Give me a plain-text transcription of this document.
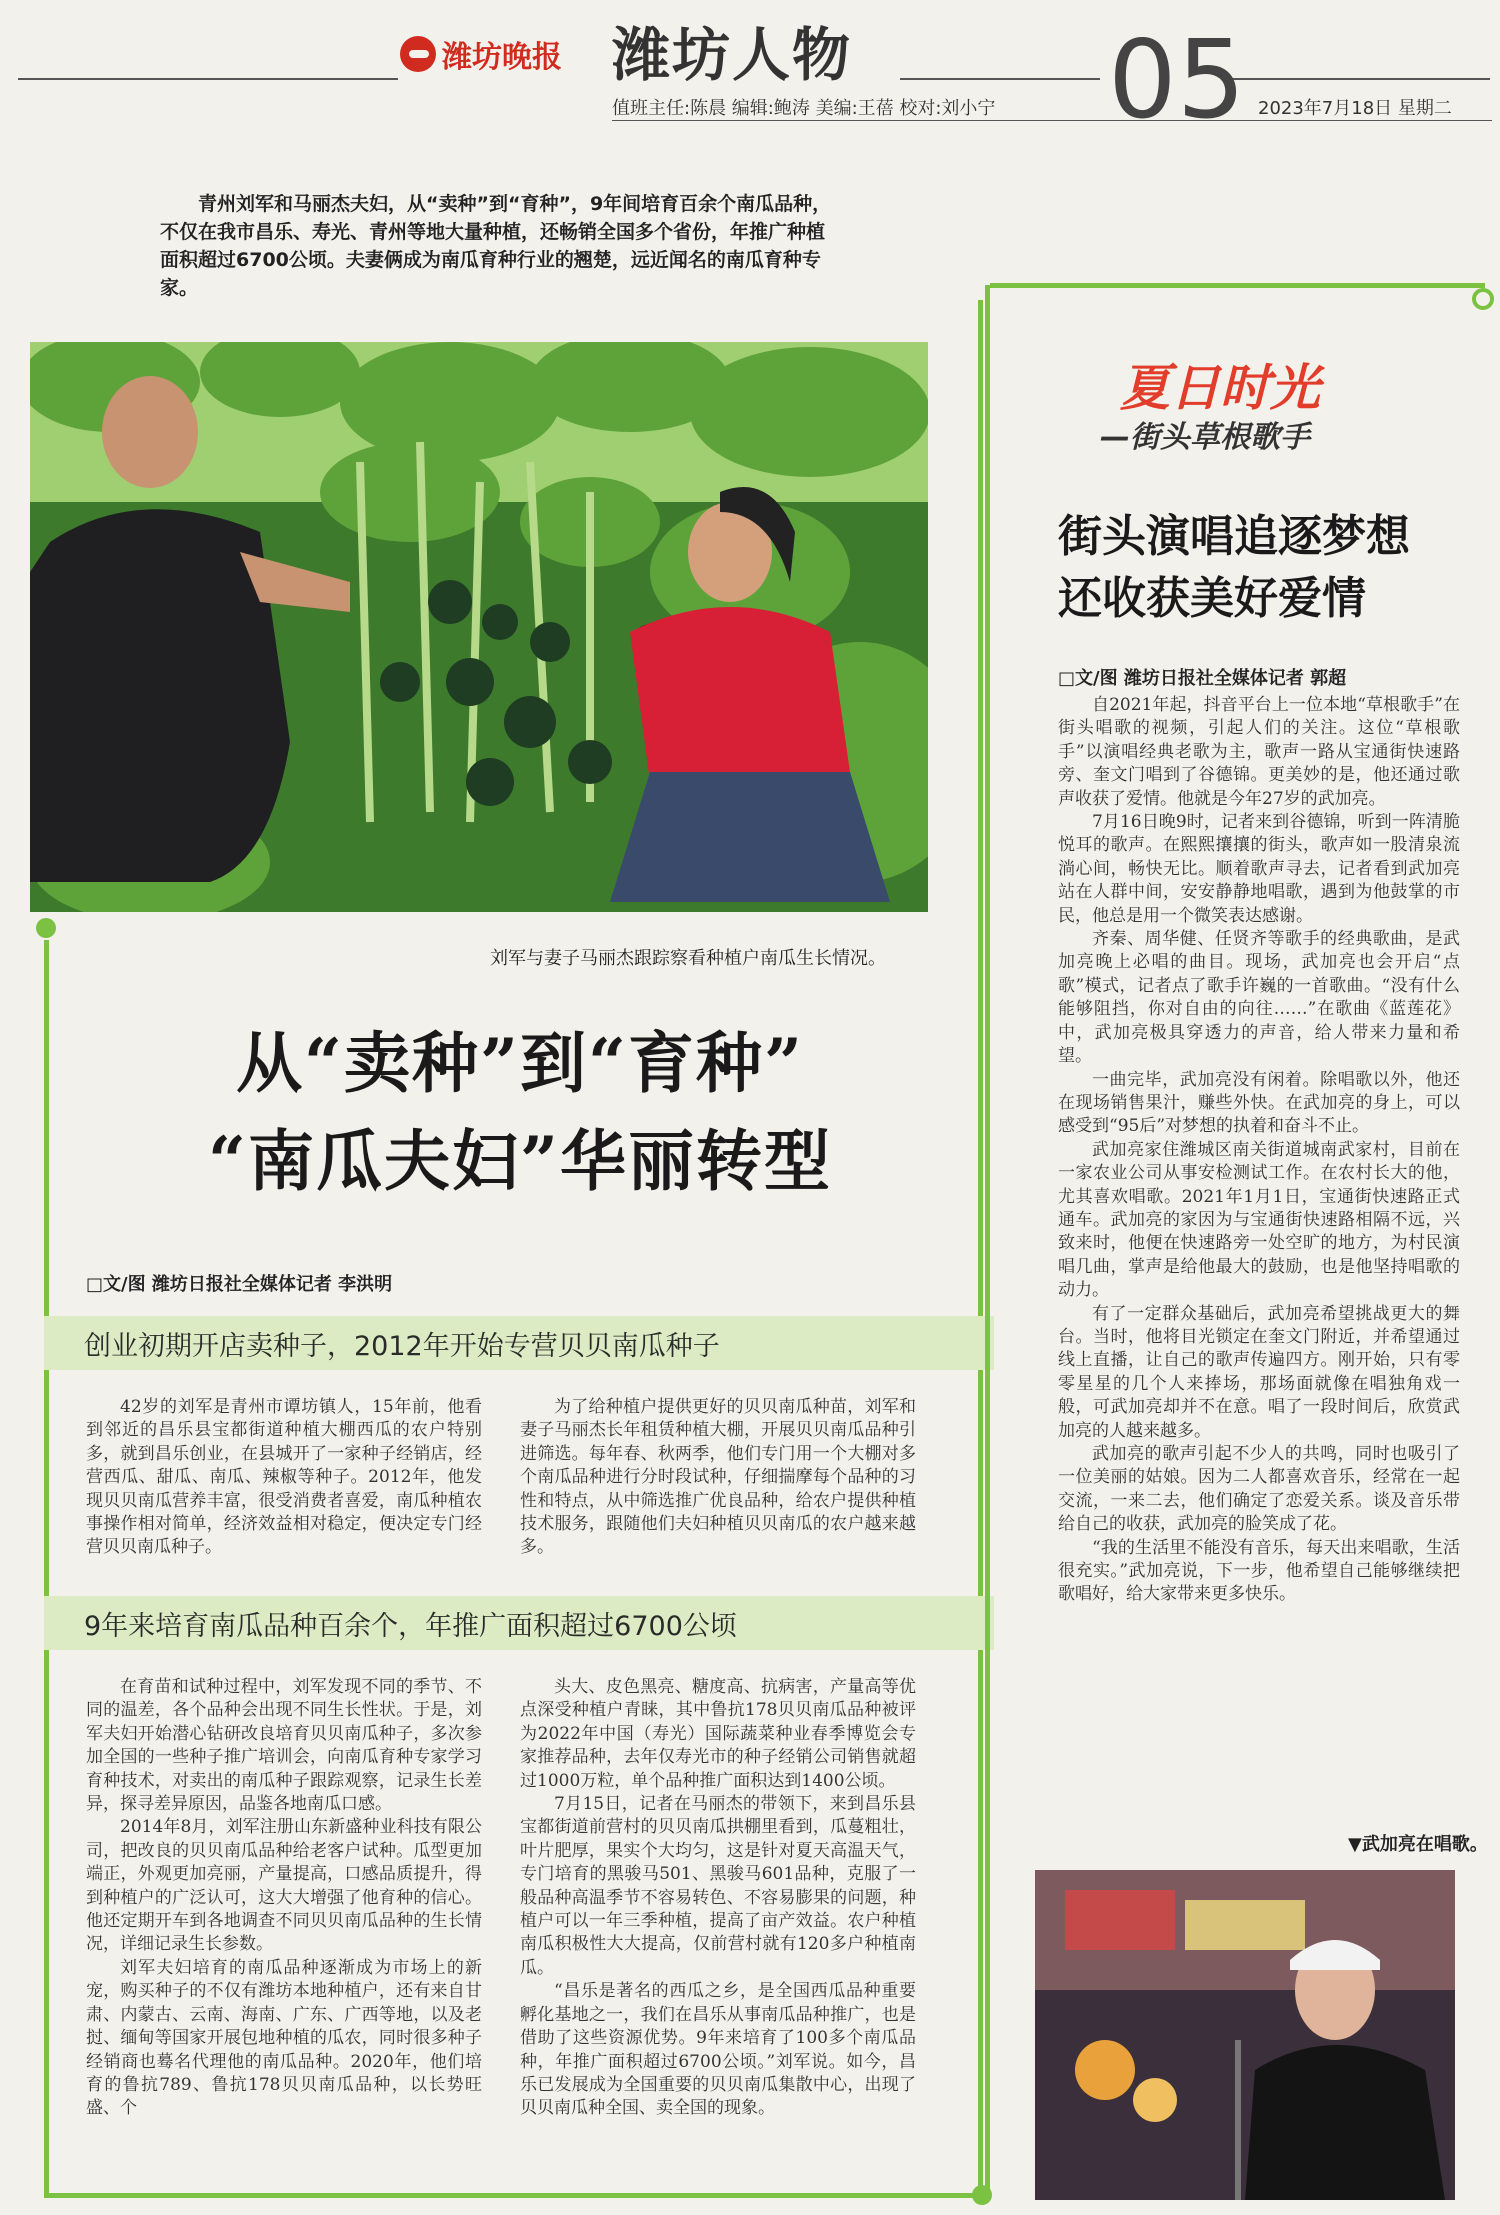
潍坊晚报 潍坊人物 05
值班主任:陈晨 编辑:鲍涛 美编:王蓓 校对:刘小宁	2023年7月18日 星期二
青州刘军和马丽杰夫妇，从“卖种”到“育种”，9年间培育百余个南瓜品种，不仅在我市昌乐、寿光、青州等地大量种植，还畅销全国多个省份，年推广种植面积超过6700公顷。夫妻俩成为南瓜育种行业的翘楚，远近闻名的南瓜育种专家。
刘军与妻子马丽杰跟踪察看种植户南瓜生长情况。
从“卖种”到“育种”
“南瓜夫妇”华丽转型
□文/图 潍坊日报社全媒体记者 李洪明
创业初期开店卖种子，2012年开始专营贝贝南瓜种子

42岁的刘军是青州市谭坊镇人，15年前，他看到邻近的昌乐县宝都街道种植大棚西瓜的农户特别多，就到昌乐创业，在县城开了一家种子经销店，经营西瓜、甜瓜、南瓜、辣椒等种子。2012年，他发现贝贝南瓜营养丰富，很受消费者喜爱，南瓜种植农事操作相对简单，经济效益相对稳定，便决定专门经营贝贝南瓜种子。

为了给种植户提供更好的贝贝南瓜种苗，刘军和妻子马丽杰长年租赁种植大棚，开展贝贝南瓜品种引进筛选。每年春、秋两季，他们专门用一个大棚对多个南瓜品种进行分时段试种，仔细揣摩每个品种的习性和特点，从中筛选推广优良品种，给农户提供种植技术服务，跟随他们夫妇种植贝贝南瓜的农户越来越多。

9年来培育南瓜品种百余个，年推广面积超过6700公顷

在育苗和试种过程中，刘军发现不同的季节、不同的温差，各个品种会出现不同生长性状。于是，刘军夫妇开始潜心钻研改良培育贝贝南瓜种子，多次参加全国的一些种子推广培训会，向南瓜育种专家学习育种技术，对卖出的南瓜种子跟踪观察，记录生长差异，探寻差异原因，品鉴各地南瓜口感。

2014年8月，刘军注册山东新盛种业科技有限公司，把改良的贝贝南瓜品种给老客户试种。瓜型更加端正，外观更加亮丽，产量提高，口感品质提升，得到种植户的广泛认可，这大大增强了他育种的信心。他还定期开车到各地调查不同贝贝南瓜品种的生长情况，详细记录生长参数。

刘军夫妇培育的南瓜品种逐渐成为市场上的新宠，购买种子的不仅有潍坊本地种植户，还有来自甘肃、内蒙古、云南、海南、广东、广西等地，以及老挝、缅甸等国家开展包地种植的瓜农，同时很多种子经销商也蓦名代理他的南瓜品种。2020年，他们培育的鲁抗789、鲁抗178贝贝南瓜品种，以长势旺盛、个

头大、皮色黑亮、糖度高、抗病害，产量高等优点深受种植户青睐，其中鲁抗178贝贝南瓜品种被评为2022年中国（寿光）国际蔬菜种业春季博览会专家推荐品种，去年仅寿光市的种子经销公司销售就超过1000万粒，单个品种推广面积达到1400公顷。

7月15日，记者在马丽杰的带领下，来到昌乐县宝都街道前营村的贝贝南瓜拱棚里看到，瓜蔓粗壮，叶片肥厚，果实个大均匀，这是针对夏天高温天气，专门培育的黑骏马501、黑骏马601品种，克服了一般品种高温季节不容易转色、不容易膨果的问题，种植户可以一年三季种植，提高了亩产效益。农户种植南瓜积极性大大提高，仅前营村就有120多户种植南瓜。

“昌乐是著名的西瓜之乡，是全国西瓜品种重要孵化基地之一，我们在昌乐从事南瓜品种推广，也是借助了这些资源优势。9年来培育了100多个南瓜品种，年推广面积超过6700公顷。”刘军说。如今，昌乐已发展成为全国重要的贝贝南瓜集散中心，出现了贝贝南瓜种全国、卖全国的现象。

夏日时光
—街头草根歌手
街头演唱追逐梦想
还收获美好爱情
□文/图 潍坊日报社全媒体记者 郭超

自2021年起，抖音平台上一位本地“草根歌手”在街头唱歌的视频，引起人们的关注。这位“草根歌手”以演唱经典老歌为主，歌声一路从宝通街快速路旁、奎文门唱到了谷德锦。更美妙的是，他还通过歌声收获了爱情。他就是今年27岁的武加亮。

7月16日晚9时，记者来到谷德锦，听到一阵清脆悦耳的歌声。在熙熙攘攘的街头，歌声如一股清泉流淌心间，畅快无比。顺着歌声寻去，记者看到武加亮站在人群中间，安安静静地唱歌，遇到为他鼓掌的市民，他总是用一个微笑表达感谢。

齐秦、周华健、任贤齐等歌手的经典歌曲，是武加亮晚上必唱的曲目。现场，武加亮也会开启“点歌”模式，记者点了歌手许巍的一首歌曲。“没有什么能够阻挡，你对自由的向往……”在歌曲《蓝莲花》中，武加亮极具穿透力的声音，给人带来力量和希望。

一曲完毕，武加亮没有闲着。除唱歌以外，他还在现场销售果汁，赚些外快。在武加亮的身上，可以感受到“95后”对梦想的执着和奋斗不止。

武加亮家住潍城区南关街道城南武家村，目前在一家农业公司从事安检测试工作。在农村长大的他，尤其喜欢唱歌。2021年1月1日，宝通街快速路正式通车。武加亮的家因为与宝通街快速路相隔不远，兴致来时，他便在快速路旁一处空旷的地方，为村民演唱几曲，掌声是给他最大的鼓励，也是他坚持唱歌的动力。

有了一定群众基础后，武加亮希望挑战更大的舞台。当时，他将目光锁定在奎文门附近，并希望通过线上直播，让自己的歌声传遍四方。刚开始，只有零零星星的几个人来捧场，那场面就像在唱独角戏一般，可武加亮却并不在意。唱了一段时间后，欣赏武加亮的人越来越多。

武加亮的歌声引起不少人的共鸣，同时也吸引了一位美丽的姑娘。因为二人都喜欢音乐，经常在一起交流，一来二去，他们确定了恋爱关系。谈及音乐带给自己的收获，武加亮的脸笑成了花。

“我的生活里不能没有音乐，每天出来唱歌，生活很充实。”武加亮说，下一步，他希望自己能够继续把歌唱好，给大家带来更多快乐。

▼武加亮在唱歌。
